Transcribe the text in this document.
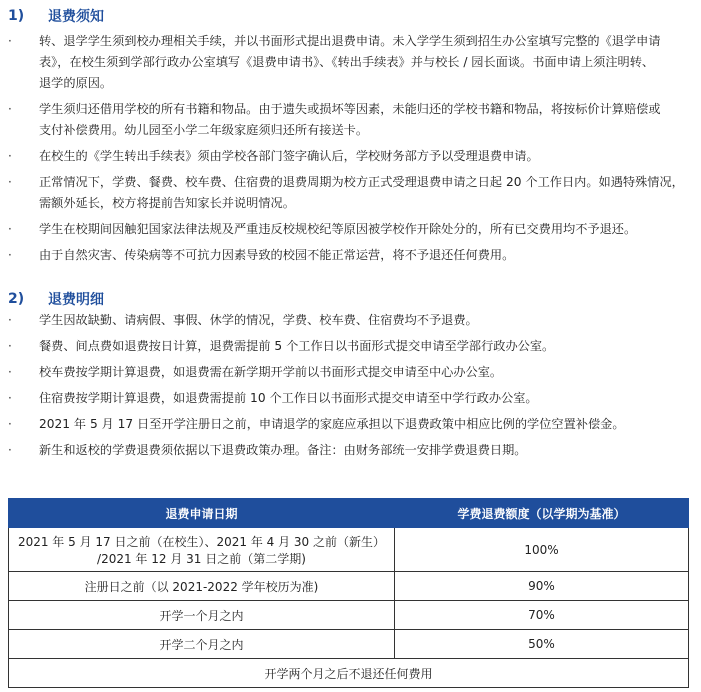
1)	退费须知
· 转、退学学生须到校办理相关手续，并以书面形式提出退费申请。未入学学生须到招生办公室填写完整的《退学申请
表》，在校生须到学部行政办公室填写《退费申请书》、《转出手续表》并与校长 / 园长面谈。书面申请上须注明转、
退学的原因。
· 学生须归还借用学校的所有书籍和物品。由于遗失或损坏等因素，未能归还的学校书籍和物品，将按标价计算赔偿或
支付补偿费用。幼儿园至小学二年级家庭须归还所有接送卡。
· 在校生的《学生转出手续表》须由学校各部门签字确认后，学校财务部方予以受理退费申请。
· 正常情况下，学费、餐费、校车费、住宿费的退费周期为校方正式受理退费申请之日起 20 个工作日内。如遇特殊情况，
需额外延长，校方将提前告知家长并说明情况。
· 学生在校期间因触犯国家法律法规及严重违反校规校纪等原因被学校作开除处分的，所有已交费用均不予退还。
· 由于自然灾害、传染病等不可抗力因素导致的校园不能正常运营，将不予退还任何费用。
2)	退费明细
· 学生因故缺勤、请病假、事假、休学的情况，学费、校车费、住宿费均不予退费。
· 餐费、间点费如退费按日计算，退费需提前 5 个工作日以书面形式提交申请至学部行政办公室。
· 校车费按学期计算退费，如退费需在新学期开学前以书面形式提交申请至中心办公室。
· 住宿费按学期计算退费，如退费需提前 10 个工作日以书面形式提交申请至中学行政办公室。
· 2021 年 5 月 17 日至开学注册日之前，申请退学的家庭应承担以下退费政策中相应比例的学位空置补偿金。
· 新生和返校的学费退费须依据以下退费政策办理。备注：由财务部统一安排学费退费日期。
退费申请日期	学费退费额度（以学期为基准）
2021 年 5 月 17 日之前（在校生）、2021 年 4 月 30 之前（新生）
/2021 年 12 月 31 日之前（第二学期)	100%
注册日之前（以 2021-2022 学年校历为准)	90%
开学一个月之内	70%
开学二个月之内	50%
开学两个月之后不退还任何费用	
